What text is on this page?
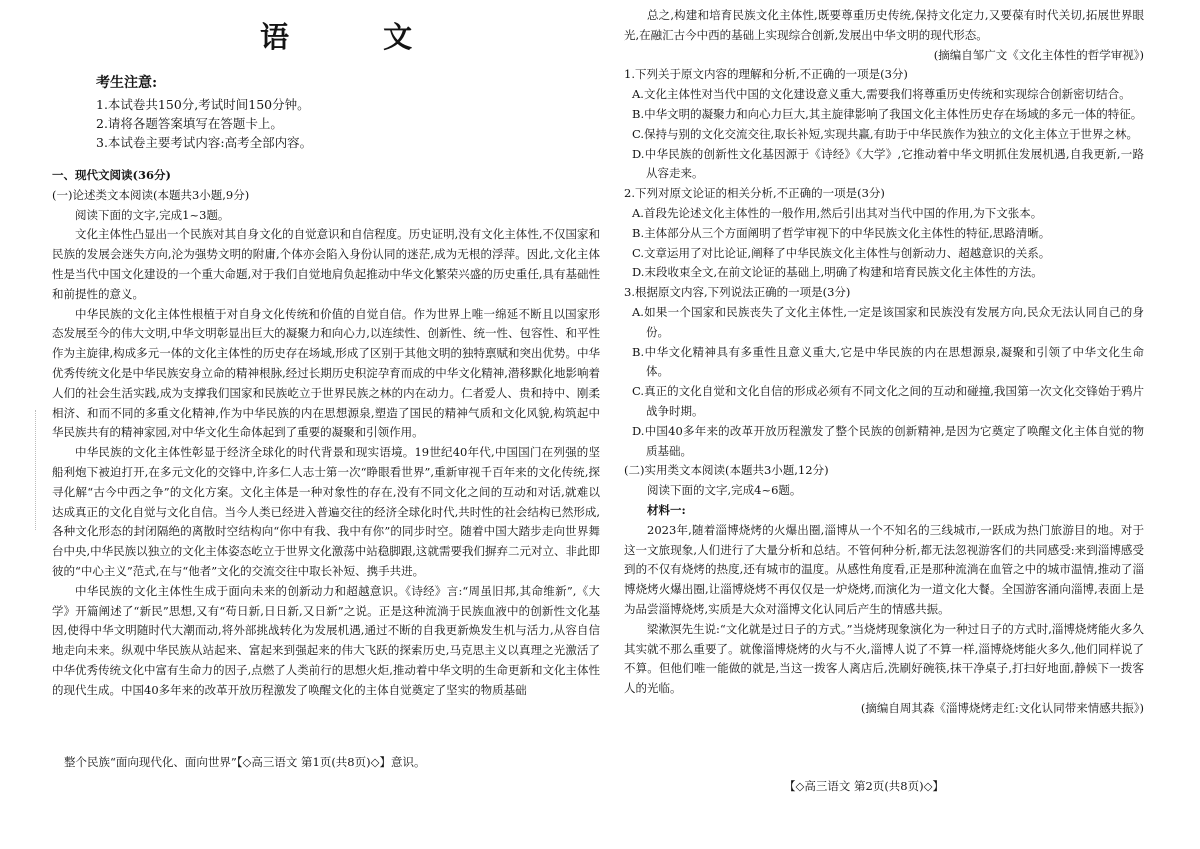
语 文
考生注意:
1.本试卷共150分,考试时间150分钟。
2.请将各题答案填写在答题卡上。
3.本试卷主要考试内容:高考全部内容。

一、现代文阅读(36分)

(一)论述类文本阅读(本题共3小题,9分)

阅读下面的文字,完成1~3题。

文化主体性凸显出一个民族对其自身文化的自觉意识和自信程度。历史证明,没有文化主体性,不仅国家和民族的发展会迷失方向,沦为强势文明的附庸,个体亦会陷入身份认同的迷茫,成为无根的浮萍。因此,文化主体性是当代中国文化建设的一个重大命题,对于我们自觉地肩负起推动中华文化繁荣兴盛的历史重任,具有基础性和前提性的意义。

中华民族的文化主体性根植于对自身文化传统和价值的自觉自信。作为世界上唯一绵延不断且以国家形态发展至今的伟大文明,中华文明彰显出巨大的凝聚力和向心力,以连续性、创新性、统一性、包容性、和平性作为主旋律,构成多元一体的文化主体性的历史存在场域,形成了区别于其他文明的独特禀赋和突出优势。中华优秀传统文化是中华民族安身立命的精神根脉,经过长期历史积淀孕育而成的中华文化精神,潜移默化地影响着人们的社会生活实践,成为支撑我们国家和民族屹立于世界民族之林的内在动力。仁者爱人、贵和持中、刚柔相济、和而不同的多重文化精神,作为中华民族的内在思想源泉,塑造了国民的精神气质和文化风貌,构筑起中华民族共有的精神家园,对中华文化生命体起到了重要的凝聚和引领作用。

中华民族的文化主体性彰显于经济全球化的时代背景和现实语境。19世纪40年代,中国国门在列强的坚船利炮下被迫打开,在多元文化的交锋中,许多仁人志士第一次“睁眼看世界”,重新审视千百年来的文化传统,探寻化解“古今中西之争”的文化方案。文化主体是一种对象性的存在,没有不同文化之间的互动和对话,就难以达成真正的文化自觉与文化自信。当今人类已经进入普遍交往的经济全球化时代,共时性的社会结构已然形成,各种文化形态的封闭隔绝的离散时空结构向“你中有我、我中有你”的同步时空。随着中国大踏步走向世界舞台中央,中华民族以独立的文化主体姿态屹立于世界文化激荡中站稳脚跟,这就需要我们摒弃二元对立、非此即彼的“中心主义”范式,在与“他者”文化的交流交往中取长补短、携手共进。

中华民族的文化主体性生成于面向未来的创新动力和超越意识。《诗经》言:“周虽旧邦,其命维新”,《大学》开篇阐述了“新民”思想,又有“苟日新,日日新,又日新”之说。正是这种流淌于民族血液中的创新性文化基因,使得中华文明随时代大潮而动,将外部挑战转化为发展机遇,通过不断的自我更新焕发生机与活力,从容自信地走向未来。纵观中华民族从站起来、富起来到强起来的伟大飞跃的探索历史,马克思主义以真理之光激活了中华优秀传统文化中富有生命力的因子,点燃了人类前行的思想火炬,推动着中华文明的生命更新和文化主体性的现代生成。中国40多年来的改革开放历程激发了唤醒文化的主体自觉奠定了坚实的物质基础

整个民族“面向现代化、面向世界”【◇高三语文 第1页(共8页)◇】意识。

总之,构建和培育民族文化主体性,既要尊重历史传统,保持文化定力,又要葆有时代关切,拓展世界眼光,在融汇古今中西的基础上实现综合创新,发展出中华文明的现代形态。

(摘编自邹广文《文化主体性的哲学审视》)

1.下列关于原文内容的理解和分析,不正确的一项是(3分)

A.文化主体性对当代中国的文化建设意义重大,需要我们将尊重历史传统和实现综合创新密切结合。

B.中华文明的凝聚力和向心力巨大,其主旋律影响了我国文化主体性历史存在场域的多元一体的特征。

C.保持与别的文化交流交往,取长补短,实现共赢,有助于中华民族作为独立的文化主体立于世界之林。

D.中华民族的创新性文化基因源于《诗经》《大学》,它推动着中华文明抓住发展机遇,自我更新,一路从容走来。

2.下列对原文论证的相关分析,不正确的一项是(3分)

A.首段先论述文化主体性的一般作用,然后引出其对当代中国的作用,为下文张本。

B.主体部分从三个方面阐明了哲学审视下的中华民族文化主体性的特征,思路清晰。

C.文章运用了对比论证,阐释了中华民族文化主体性与创新动力、超越意识的关系。

D.末段收束全文,在前文论证的基础上,明确了构建和培育民族文化主体性的方法。

3.根据原文内容,下列说法正确的一项是(3分)

A.如果一个国家和民族丧失了文化主体性,一定是该国家和民族没有发展方向,民众无法认同自己的身份。

B.中华文化精神具有多重性且意义重大,它是中华民族的内在思想源泉,凝聚和引领了中华文化生命体。

C.真正的文化自觉和文化自信的形成必须有不同文化之间的互动和碰撞,我国第一次文化交锋始于鸦片战争时期。

D.中国40多年来的改革开放历程激发了整个民族的创新精神,是因为它奠定了唤醒文化主体自觉的物质基础。

(二)实用类文本阅读(本题共3小题,12分)

阅读下面的文字,完成4~6题。

材料一:

2023年,随着淄博烧烤的火爆出圈,淄博从一个不知名的三线城市,一跃成为热门旅游目的地。对于这一文旅现象,人们进行了大量分析和总结。不管何种分析,都无法忽视游客们的共同感受:来到淄博感受到的不仅有烧烤的热度,还有城市的温度。从感性角度看,正是那种流淌在血管之中的城市温情,推动了淄博烧烤火爆出圈,让淄博烧烤不再仅仅是一炉烧烤,而演化为一道文化大餐。全国游客涌向淄博,表面上是为品尝淄博烧烤,实质是大众对淄博文化认同后产生的情感共振。

梁漱溟先生说:“文化就是过日子的方式。”当烧烤现象演化为一种过日子的方式时,淄博烧烤能火多久其实就不那么重要了。就像淄博烧烤的火与不火,淄博人说了不算一样,淄博烧烤能火多久,他们同样说了不算。但他们唯一能做的就是,当这一拨客人离店后,洗刷好碗筷,抹干净桌子,打扫好地面,静候下一拨客人的光临。

(摘编自周其森《淄博烧烤走红:文化认同带来情感共振》)

【◇高三语文 第2页(共8页)◇】
